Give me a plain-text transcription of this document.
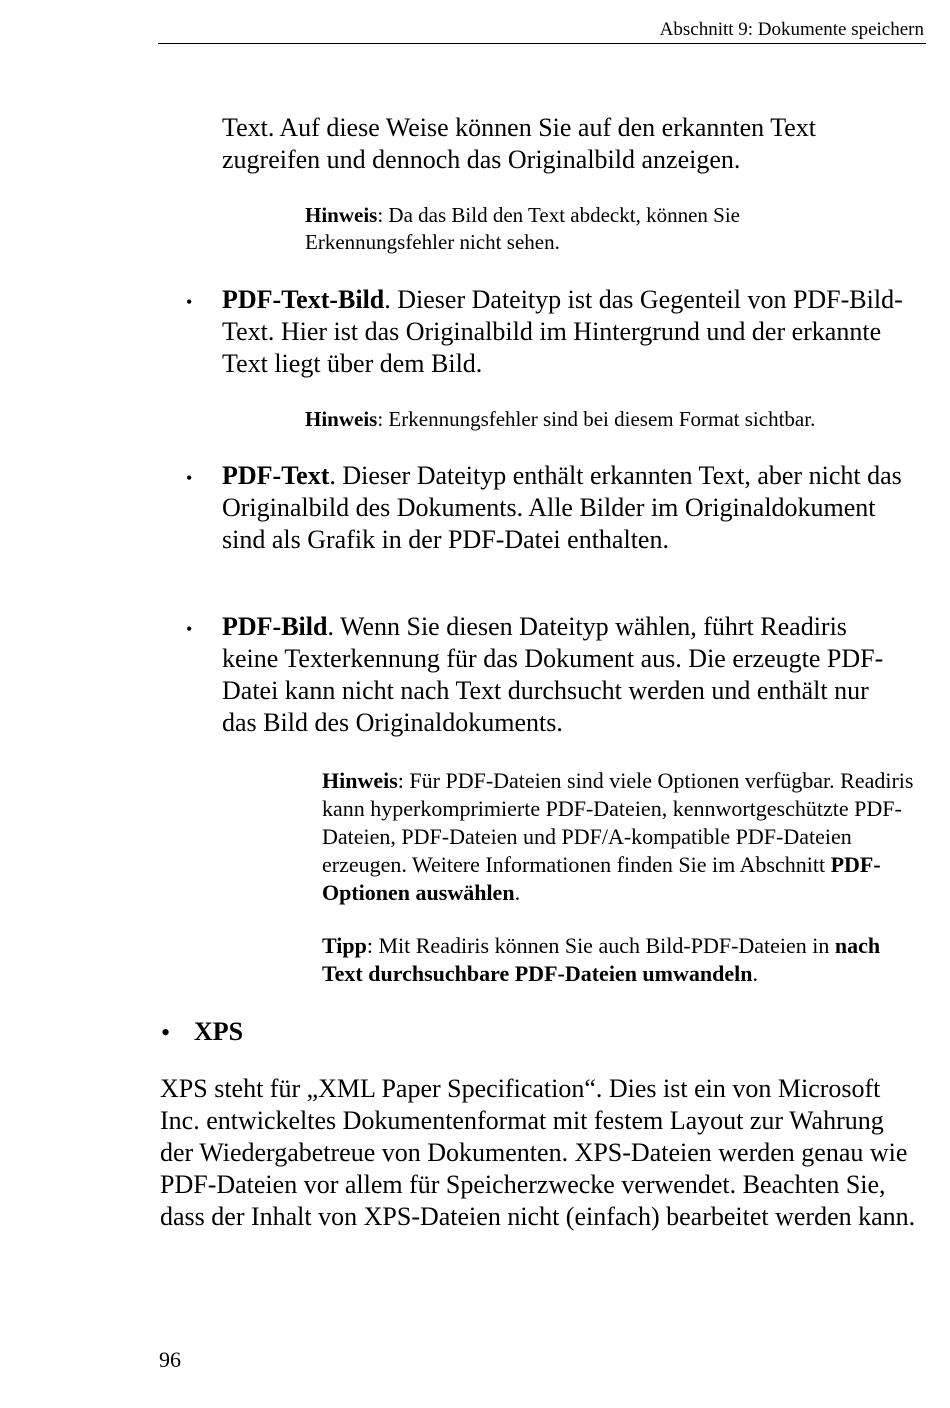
Abschnitt 9: Dokumente speichern
Text. Auf diese Weise können Sie auf den erkannten Text zugreifen und dennoch das Originalbild anzeigen.
Hinweis: Da das Bild den Text abdeckt, können Sie Erkennungsfehler nicht sehen.
• PDF-Text-Bild. Dieser Dateityp ist das Gegenteil von PDF-Bild-Text. Hier ist das Originalbild im Hintergrund und der erkannte Text liegt über dem Bild.
Hinweis: Erkennungsfehler sind bei diesem Format sichtbar.
• PDF-Text. Dieser Dateityp enthält erkannten Text, aber nicht das Originalbild des Dokuments. Alle Bilder im Originaldokument sind als Grafik in der PDF-Datei enthalten.
• PDF-Bild. Wenn Sie diesen Dateityp wählen, führt Readiris keine Texterkennung für das Dokument aus. Die erzeugte PDF-Datei kann nicht nach Text durchsucht werden und enthält nur das Bild des Originaldokuments.
Hinweis: Für PDF-Dateien sind viele Optionen verfügbar. Readiris kann hyperkomprimierte PDF-Dateien, kennwortgeschützte PDF-Dateien, PDF-Dateien und PDF/A-kompatible PDF-Dateien erzeugen. Weitere Informationen finden Sie im Abschnitt PDF-Optionen auswählen.
Tipp: Mit Readiris können Sie auch Bild-PDF-Dateien in nach Text durchsuchbare PDF-Dateien umwandeln.
• XPS
XPS steht für „XML Paper Specification“. Dies ist ein von Microsoft Inc. entwickeltes Dokumentenformat mit festem Layout zur Wahrung der Wiedergabetreue von Dokumenten. XPS-Dateien werden genau wie PDF-Dateien vor allem für Speicherzwecke verwendet. Beachten Sie, dass der Inhalt von XPS-Dateien nicht (einfach) bearbeitet werden kann.
96
